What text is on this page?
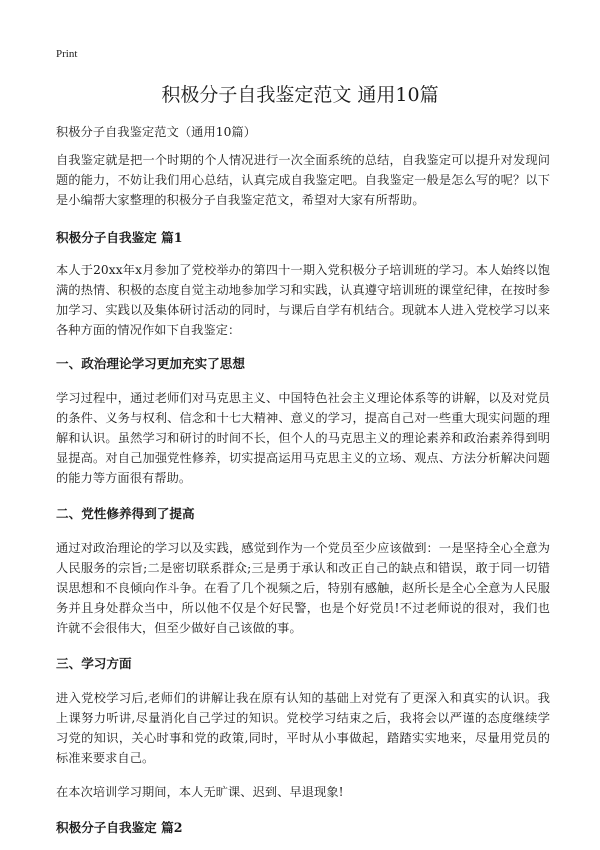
Print
积极分子自我鉴定范文 通用10篇

积极分子自我鉴定范文（通用10篇）

自我鉴定就是把一个时期的个人情况进行一次全面系统的总结，自我鉴定可以提升对发现问题的能力，不妨让我们用心总结，认真完成自我鉴定吧。自我鉴定一般是怎么写的呢？以下是小编帮大家整理的积极分子自我鉴定范文，希望对大家有所帮助。

积极分子自我鉴定 篇1

本人于20xx年x月参加了党校举办的第四十一期入党积极分子培训班的学习。本人始终以饱满的热情、积极的态度自觉主动地参加学习和实践，认真遵守培训班的课堂纪律，在按时参加学习、实践以及集体研讨活动的同时，与课后自学有机结合。现就本人进入党校学习以来各种方面的情况作如下自我鉴定：

一、政治理论学习更加充实了思想

学习过程中，通过老师们对马克思主义、中国特色社会主义理论体系等的讲解，以及对党员的条件、义务与权利、信念和十七大精神、意义的学习，提高自己对一些重大现实问题的理解和认识。虽然学习和研讨的时间不长，但个人的马克思主义的理论素养和政治素养得到明显提高。对自己加强党性修养，切实提高运用马克思主义的立场、观点、方法分析解决问题的能力等方面很有帮助。

二、党性修养得到了提高

通过对政治理论的学习以及实践，感觉到作为一个党员至少应该做到：一是坚持全心全意为人民服务的宗旨;二是密切联系群众;三是勇于承认和改正自己的缺点和错误，敢于同一切错误思想和不良倾向作斗争。在看了几个视频之后，特别有感触，赵所长是全心全意为人民服务并且身处群众当中，所以他不仅是个好民警，也是个好党员!不过老师说的很对，我们也许就不会很伟大，但至少做好自己该做的事。

三、学习方面

进入党校学习后,老师们的讲解让我在原有认知的基础上对党有了更深入和真实的认识。我上课努力听讲,尽量消化自己学过的知识。党校学习结束之后，我将会以严谨的态度继续学习党的知识，关心时事和党的政策,同时，平时从小事做起，踏踏实实地来，尽量用党员的标准来要求自己。

在本次培训学习期间，本人无旷课、迟到、早退现象!

积极分子自我鉴定 篇2
